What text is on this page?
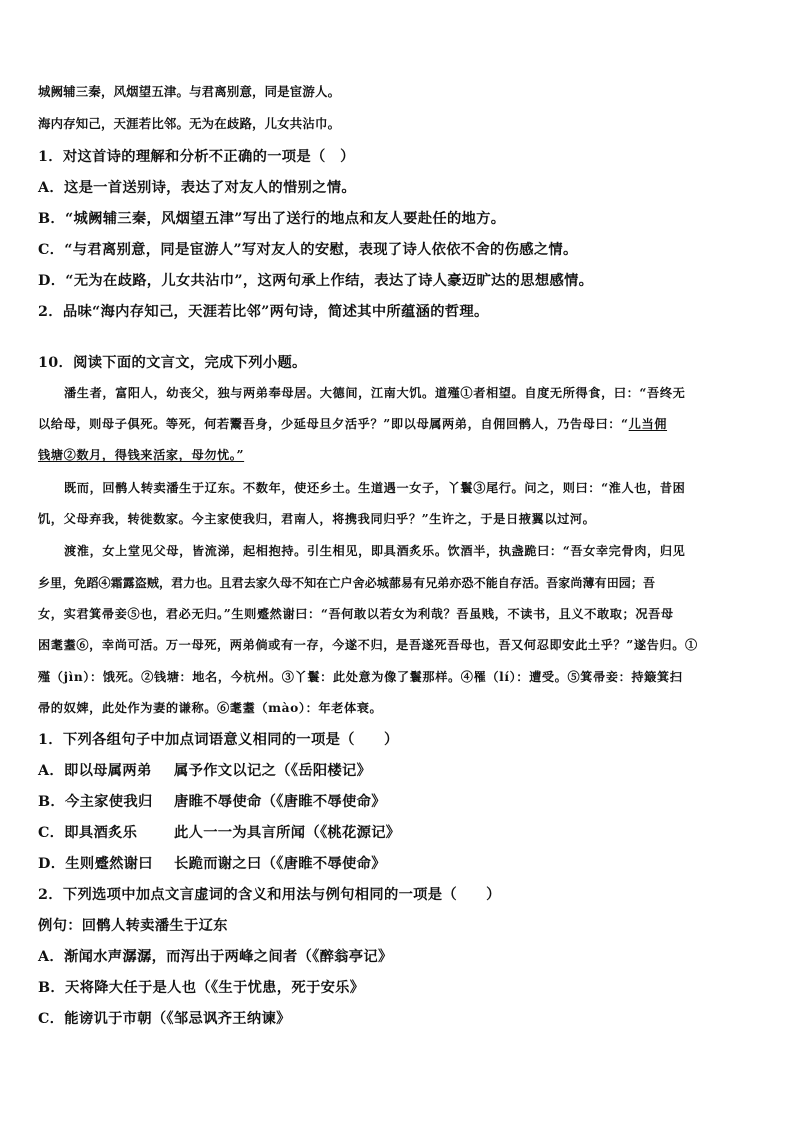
城阙辅三秦，风烟望五津。与君离别意，同是宦游人。
海内存知己，天涯若比邻。无为在歧路，儿女共沾巾。
1．对这首诗的理解和分析不正确的一项是（　）
A．这是一首送别诗，表达了对友人的惜别之情。
B．“城阙辅三秦，风烟望五津”写出了送行的地点和友人要赴任的地方。
C．“与君离别意，同是宦游人”写对友人的安慰，表现了诗人依依不舍的伤感之情。
D．“无为在歧路，儿女共沾巾”，这两句承上作结，表达了诗人豪迈旷达的思想感情。
2．品味“海内存知己，天涯若比邻”两句诗，简述其中所蕴涵的哲理。
10．阅读下面的文言文，完成下列小题。
潘生者，富阳人，幼丧父，独与两弟奉母居。大德间，江南大饥。道殣①者相望。自度无所得食，曰：“吾终无
以给母，则母子俱死。等死，何若鬻吾身，少延母旦夕活乎？”即以母属两弟，自佣回鹘人，乃告母曰：“儿当佣
钱塘②数月，得钱来活家，母勿忧。”
既而，回鹘人转卖潘生于辽东。不数年，使还乡土。生道遇一女子，丫鬟③尾行。问之，则曰：“淮人也，昔困
饥，父母弃我，转徙数家。今主家使我归，君南人，将携我同归乎？”生许之，于是日掖翼以过河。
渡淮，女上堂见父母，皆流涕，起相抱持。引生相见，即具酒炙乐。饮酒半，执盏跪曰：“吾女幸完骨肉，归见
乡里，免蹈④霜露盗贼，君力也。且君去家久母不知在亡户舍必城蔀易有兄弟亦恐不能自存活。吾家尚薄有田园；吾
女，实君箕帚妾⑤也，君必无归。”生则蹙然谢曰：“吾何敢以若女为利哉？吾虽贱，不读书，且义不敢取；况吾母
困耄耋⑥，幸尚可活。万一母死，两弟倘或有一存，今遂不归，是吾遂死吾母也，吾又何忍即安此土乎？”遂告归。①
殣（jìn）：饿死。②钱塘：地名，今杭州。③丫鬟：此处意为像了鬟那样。④罹（lí）：遭受。⑤箕帚妾：持簸箕扫
帚的奴婢，此处作为妻的谦称。⑥耄耋（mào）：年老体衰。
1．下列各组句子中加点词语意义相同的一项是（　　）
A．即以母属两弟 属予作文以记之（《岳阳楼记》
B．今主家使我归 唐睢不辱使命（《唐睢不辱使命》
C．即具酒炙乐	此人一一为具言所闻（《桃花源记》
D．生则蹙然谢曰 长跪而谢之曰（《唐睢不辱使命》
2．下列选项中加点文言虚词的含义和用法与例句相同的一项是（　　）
例句：回鹘人转卖潘生于辽东
A．渐闻水声潺潺，而泻出于两峰之间者（《醉翁亭记》
B．天将降大任于是人也（《生于忧患，死于安乐》
C．能谤讥于市朝（《邹忌讽齐王纳谏》
